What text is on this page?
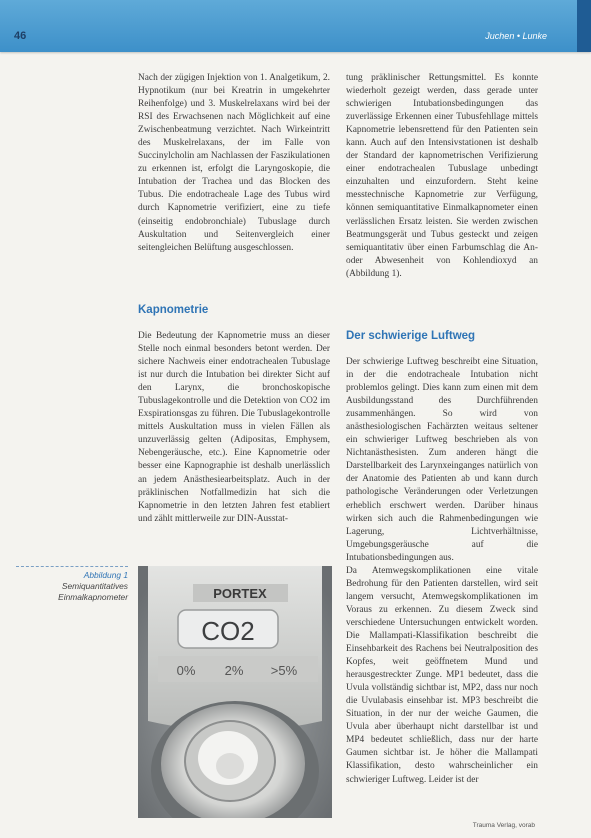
46	Juchen • Lunke

Nach der zügigen Injektion von 1. Analgetikum, 2. Hypnotikum (nur bei Kreatrin in umgekehrter Reihenfolge) und 3. Muskelrelaxans wird bei der RSI des Erwachsenen nach Möglichkeit auf eine Zwischenbeatmung verzichtet. Nach Wirkeintritt des Muskelrelaxans, der im Falle von Succinylcholin am Nachlassen der Faszikulationen zu erkennen ist, erfolgt die Laryngoskopie, die Intubation der Trachea und das Blocken des Tubus. Die endotracheale Lage des Tubus wird durch Kapnometrie verifiziert, eine zu tiefe (einseitig endobronchiale) Tubuslage durch Auskultation und Seitenvergleich einer seitengleichen Belüftung ausgeschlossen.

Kapnometrie

Die Bedeutung der Kapnometrie muss an dieser Stelle noch einmal besonders betont werden. Der sichere Nachweis einer endotrachealen Tubuslage ist nur durch die Intubation bei direkter Sicht auf den Larynx, die bronchoskopische Tubuslagekontrolle und die Detektion von CO2 im Exspirationsgas zu führen. Die Tubuslagekontrolle mittels Auskultation muss in vielen Fällen als unzuverlässig gelten (Adipositas, Emphysem, Nebengeräusche, etc.). Eine Kapnometrie oder besser eine Kapnographie ist deshalb unerlässlich an jedem Anästhesiearbeitsplatz. Auch in der präklinischen Notfallmedizin hat sich die Kapnometrie in den letzten Jahren fest etabliert und zählt mittlerweile zur DIN-Ausstat-

tung präklinischer Rettungsmittel. Es konnte wiederholt gezeigt werden, dass gerade unter schwierigen Intubationsbedingungen das zuverlässige Erkennen einer Tubusfehllage mittels Kapnometrie lebensrettend für den Patienten sein kann. Auch auf den Intensivstationen ist deshalb der Standard der kapnometrischen Verifizierung einer endotrachealen Tubuslage unbedingt einzuhalten und einzufordern. Steht keine messtechnische Kapnometrie zur Verfügung, können semiquantitative Einmalkapnometer einen verlässlichen Ersatz leisten. Sie werden zwischen Beatmungsgerät und Tubus gesteckt und zeigen semiquantitativ über einen Farbumschlag die An- oder Abwesenheit von Kohlendioxyd an (Abbildung 1).

Der schwierige Luftweg

Der schwierige Luftweg beschreibt eine Situation, in der die endotracheale Intubation nicht problemlos gelingt. Dies kann zum einen mit dem Ausbildungsstand des Durchführenden zusammenhängen. So wird von anästhesiologischen Fachärzten weitaus seltener ein schwieriger Luftweg beschrieben als von Nichtanästhesisten. Zum anderen hängt die Darstellbarkeit des Larynxeinganges natürlich von der Anatomie des Patienten ab und kann durch pathologische Veränderungen oder Verletzungen erheblich erschwert werden. Darüber hinaus wirken sich auch die Rahmenbedingungen wie Lagerung, Lichtverhältnisse, Umgebungsgeräusche auf die Intubationsbedingungen aus.

Da Atemwegskomplikationen eine vitale Bedrohung für den Patienten darstellen, wird seit langem versucht, Atemwegskomplikationen im Voraus zu erkennen. Zu diesem Zweck sind verschiedene Untersuchungen entwickelt worden. Die Mallampati-Klassifikation beschreibt die Einsehbarkeit des Rachens bei Neutralposition des Kopfes, weit geöffnetem Mund und herausgestreckter Zunge. MP1 bedeutet, dass die Uvula vollständig sichtbar ist, MP2, dass nur noch die Uvulabasis einsehbar ist. MP3 beschreibt die Situation, in der nur der weiche Gaumen, die Uvula aber überhaupt nicht darstellbar ist und MP4 bedeutet schließlich, dass nur der harte Gaumen sichtbar ist. Je höher die Mallampati Klassifikation, desto wahrscheinlicher ein schwieriger Luftweg. Leider ist der

Abbildung 1
Semiquantitatives Einmalkapnometer	PORTEX
CO2
0% 2% >5%
Trauma Verlag, vorab
